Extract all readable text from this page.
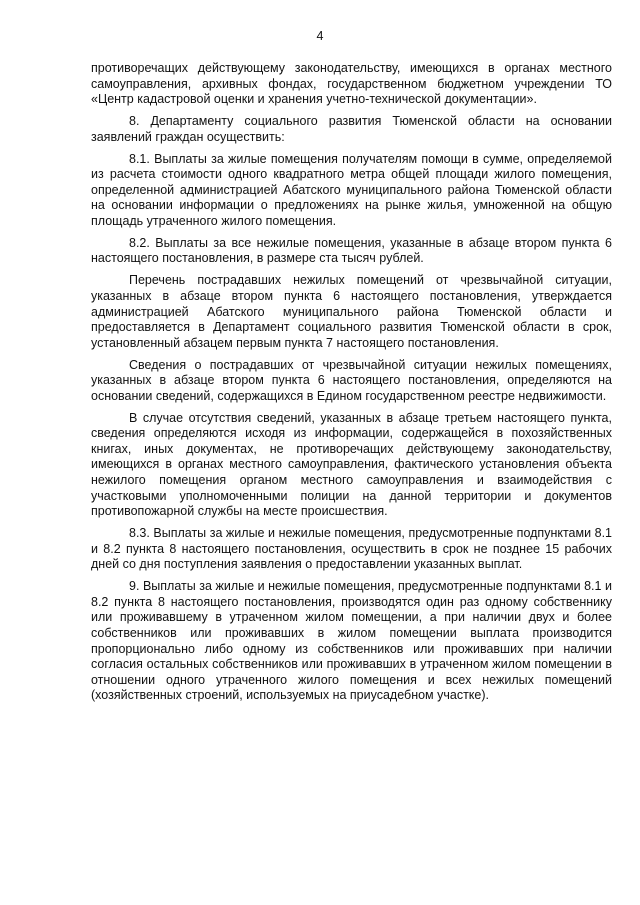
4

противоречащих действующему законодательству, имеющихся в органах местного самоуправления, архивных фондах, государственном бюджетном учреждении ТО «Центр кадастровой оценки и хранения учетно-технической документации».

8. Департаменту социального развития Тюменской области на основании заявлений граждан осуществить:

8.1. Выплаты за жилые помещения получателям помощи в сумме, определяемой из расчета стоимости одного квадратного метра общей площади жилого помещения, определенной администрацией Абатского муниципального района Тюменской области на основании информации о предложениях на рынке жилья, умноженной на общую площадь утраченного жилого помещения.

8.2. Выплаты за все нежилые помещения, указанные в абзаце втором пункта 6 настоящего постановления, в размере ста тысяч рублей.

Перечень пострадавших нежилых помещений от чрезвычайной ситуации, указанных в абзаце втором пункта 6 настоящего постановления, утверждается администрацией Абатского муниципального района Тюменской области и предоставляется в Департамент социального развития Тюменской области в срок, установленный абзацем первым пункта 7 настоящего постановления.

Сведения о пострадавших от чрезвычайной ситуации нежилых помещениях, указанных в абзаце втором пункта 6 настоящего постановления, определяются на основании сведений, содержащихся в Едином государственном реестре недвижимости.

В случае отсутствия сведений, указанных в абзаце третьем настоящего пункта, сведения определяются исходя из информации, содержащейся в похозяйственных книгах, иных документах, не противоречащих действующему законодательству, имеющихся в органах местного самоуправления, фактического установления объекта нежилого помещения органом местного самоуправления и взаимодействия с участковыми уполномоченными полиции на данной территории и документов противопожарной службы на месте происшествия.

8.3. Выплаты за жилые и нежилые помещения, предусмотренные подпунктами 8.1 и 8.2 пункта 8 настоящего постановления, осуществить в срок не позднее 15 рабочих дней со дня поступления заявления о предоставлении указанных выплат.

9. Выплаты за жилые и нежилые помещения, предусмотренные подпунктами 8.1 и 8.2 пункта 8 настоящего постановления, производятся один раз одному собственнику или проживавшему в утраченном жилом помещении, а при наличии двух и более собственников или проживавших в жилом помещении выплата производится пропорционально либо одному из собственников или проживавших при наличии согласия остальных собственников или проживавших в утраченном жилом помещении в отношении одного утраченного жилого помещения и всех нежилых помещений (хозяйственных строений, используемых на приусадебном участке).
